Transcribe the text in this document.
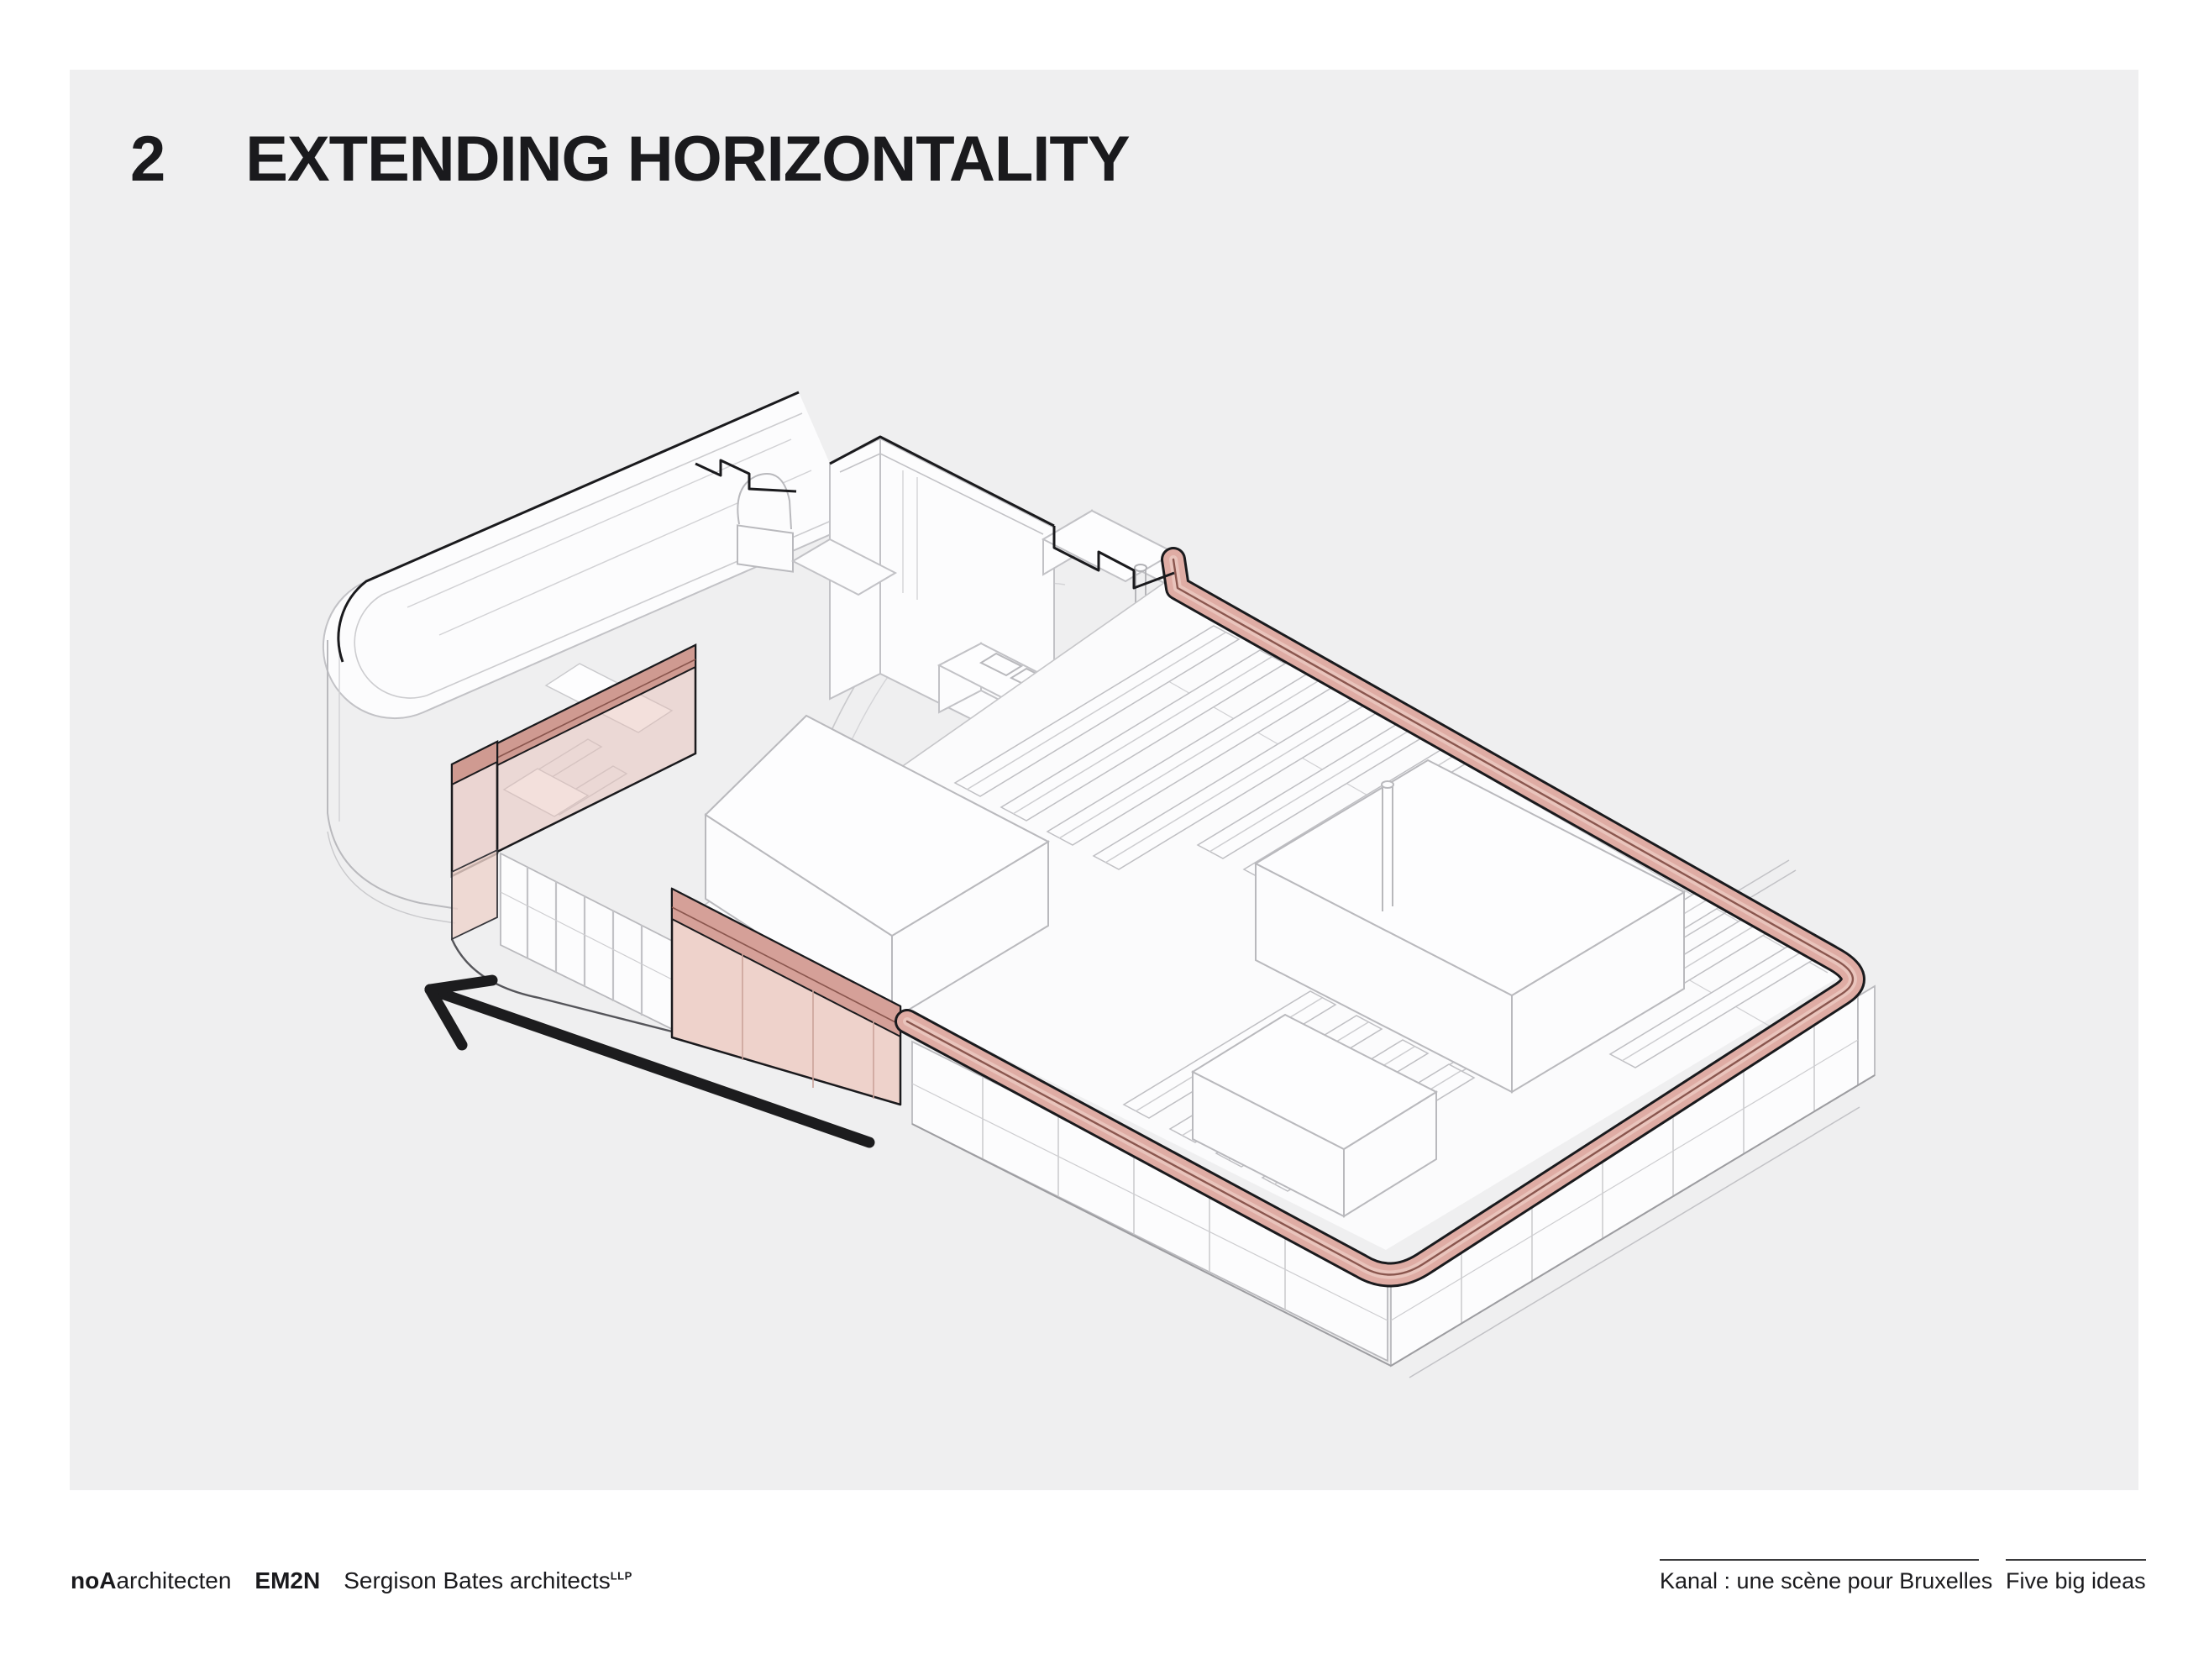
2 EXTENDING HORIZONTALITY
noAarchitecten EM2N Sergison Bates architects$^{LLP}$	Kanal : une scène pour Bruxelles Five big ideas
